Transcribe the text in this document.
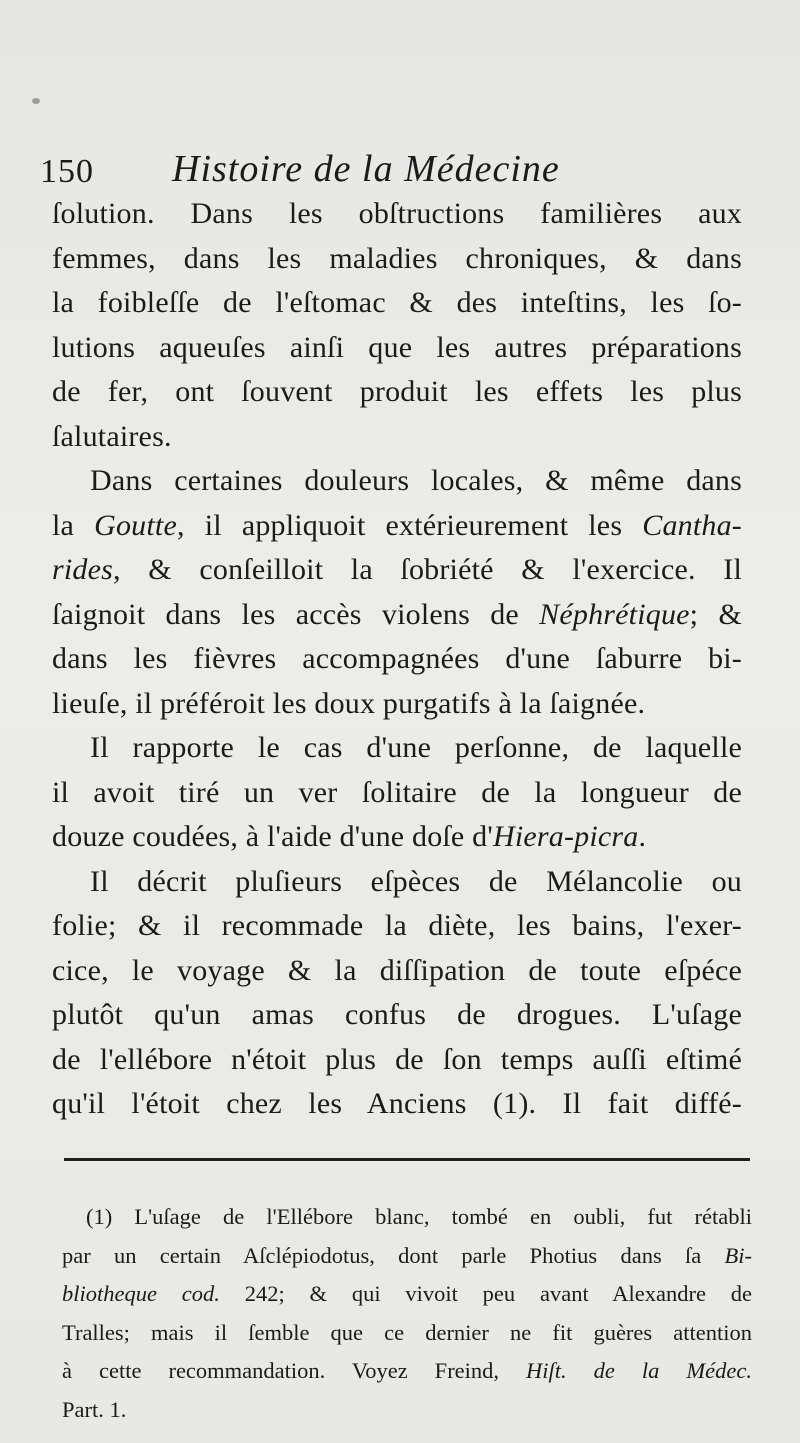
150 Histoire de la Médecine
ſolution. Dans les obſtructions familières aux
femmes, dans les maladies chroniques, & dans
la foibleſſe de l'eſtomac & des inteſtins, les ſo-
lutions aqueuſes ainſi que les autres préparations
de fer, ont ſouvent produit les effets les plus
ſalutaires.
Dans certaines douleurs locales, & même dans
la Goutte, il appliquoit extérieurement les Cantha-
rides, & conſeilloit la ſobriété & l'exercice. Il
ſaignoit dans les accès violens de Néphrétique; &
dans les fièvres accompagnées d'une ſaburre bi-
lieuſe, il préféroit les doux purgatifs à la ſaignée.
Il rapporte le cas d'une perſonne, de laquelle
il avoit tiré un ver ſolitaire de la longueur de
douze coudées, à l'aide d'une doſe d'Hiera-picra.
Il décrit pluſieurs eſpèces de Mélancolie ou
folie; & il recommade la diète, les bains, l'exer-
cice, le voyage & la diſſipation de toute eſpéce
plutôt qu'un amas confus de drogues. L'uſage
de l'ellébore n'étoit plus de ſon temps auſſi eſtimé
qu'il l'étoit chez les Anciens (1). Il fait diffé-
(1) L'uſage de l'Ellébore blanc, tombé en oubli, fut rétabli
par un certain Aſclépiodotus, dont parle Photius dans ſa Bi-
bliotheque cod. 242; & qui vivoit peu avant Alexandre de
Tralles; mais il ſemble que ce dernier ne fit guères attention
à cette recommandation. Voyez Freind, Hiſt. de la Médec.
Part. 1.
